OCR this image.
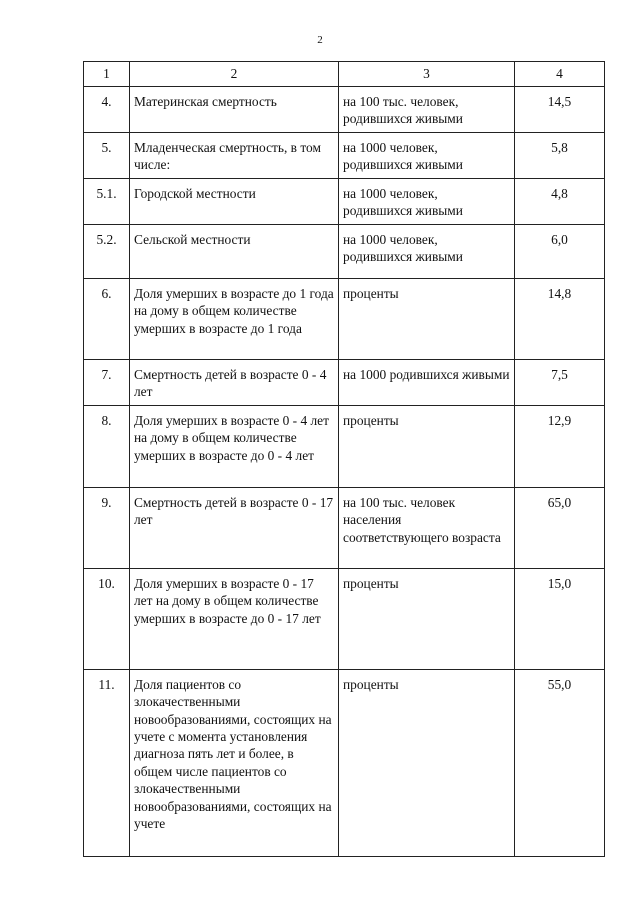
2
1	2	3	4
4.	Материнская смертность	на 100 тыс. человек, родившихся живыми	14,5
5.	Младенческая смертность, в том числе:	на 1000 человек, родившихся живыми	5,8
5.1.	Городской местности	на 1000 человек, родившихся живыми	4,8
5.2.	Сельской местности	на 1000 человек, родившихся живыми	6,0
6.	Доля умерших в возрасте до 1 года на дому в общем количестве умерших в возрасте до 1 года	проценты	14,8
7.	Смертность детей в возрасте 0 - 4 лет	на 1000 родившихся живыми	7,5
8.	Доля умерших в возрасте 0 - 4 лет на дому в общем количестве умерших в возрасте до 0 - 4 лет	проценты	12,9
9.	Смертность детей в возрасте 0 - 17 лет	на 100 тыс. человек населения соответствующего возраста	65,0
10.	Доля умерших в возрасте 0 - 17 лет на дому в общем количестве умерших в возрасте до 0 - 17 лет	проценты	15,0
11.	Доля пациентов со злокачественными новообразованиями, состоящих на учете с момента установления диагноза пять лет и более, в общем числе пациентов со злокачественными новообразованиями, состоящих на учете	проценты	55,0
